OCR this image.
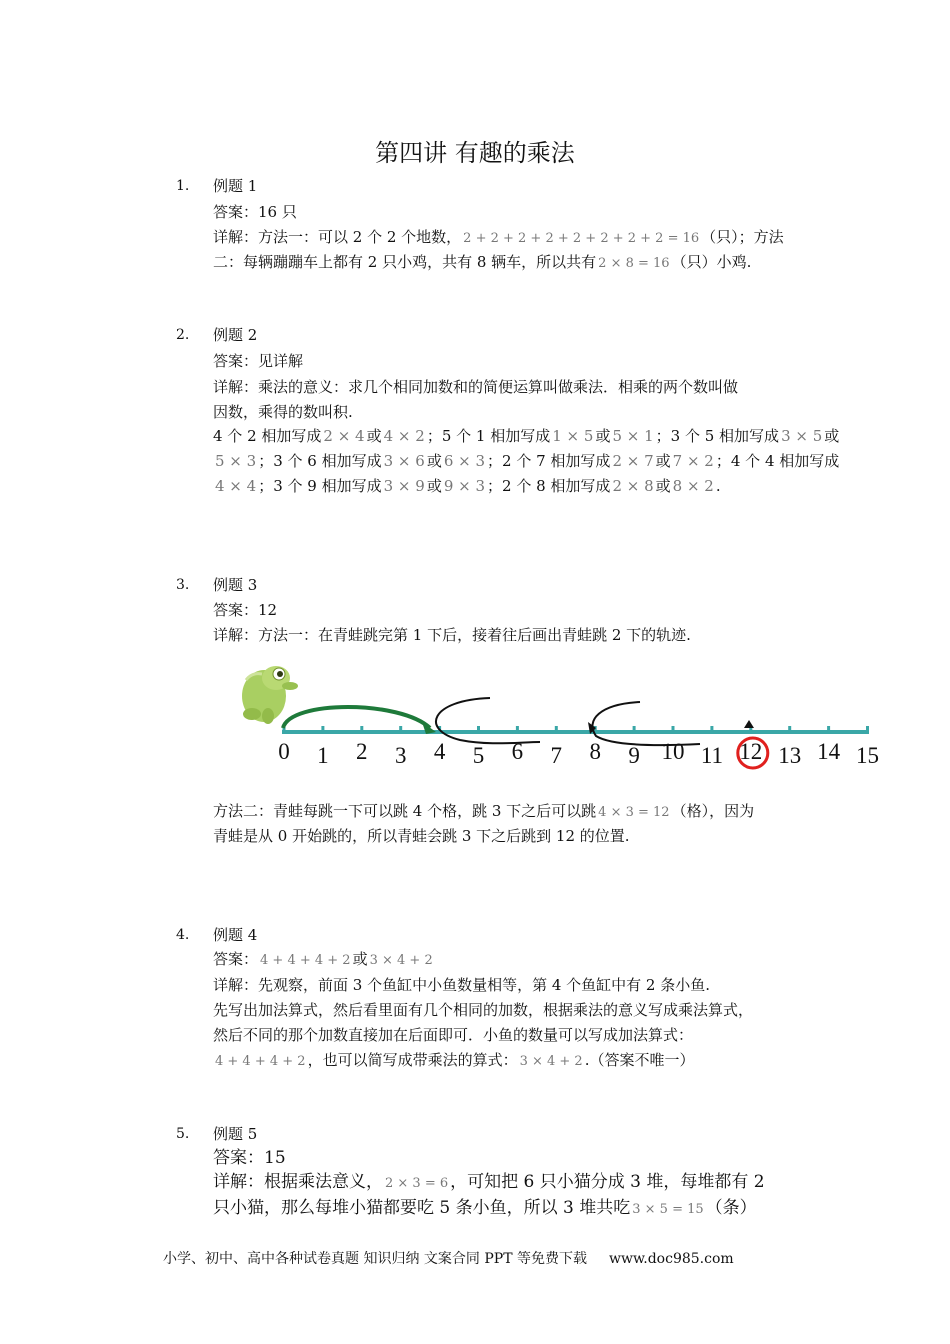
第四讲 有趣的乘法
1. 例题 1
答案：16 只
详解：方法一：可以 2 个 2 个地数， 2 + 2 + 2 + 2 + 2 + 2 + 2 + 2 = 16 （只）；方法
二：每辆蹦蹦车上都有 2 只小鸡，共有 8 辆车，所以共有 2 × 8 = 16 （只）小鸡.
2. 例题 2
答案：见详解
详解：乘法的意义：求几个相同加数和的简便运算叫做乘法．相乘的两个数叫做
因数，乘得的数叫积.
4 个 2 相加写成 2 × 4 或 4 × 2 ；5 个 1 相加写成 1 × 5 或 5 × 1 ；3 个 5 相加写成 3 × 5 或
5 × 3 ；3 个 6 相加写成 3 × 6 或 6 × 3 ；2 个 7 相加写成 2 × 7 或 7 × 2 ；4 个 4 相加写成
4 × 4 ；3 个 9 相加写成 3 × 9 或 9 × 3 ；2 个 8 相加写成 2 × 8 或 8 × 2 .
3. 例题 3
答案：12
详解：方法一：在青蛙跳完第 1 下后，接着往后画出青蛙跳 2 下的轨迹.
0 1 2 3 4 5 6 7 8 9 10 11 12 13 14 15
方法二：青蛙每跳一下可以跳 4 个格，跳 3 下之后可以跳 4 × 3 = 12 （格），因为
青蛙是从 0 开始跳的，所以青蛙会跳 3 下之后跳到 12 的位置.
4. 例题 4
答案： 4 + 4 + 4 + 2 或 3 × 4 + 2
详解：先观察，前面 3 个鱼缸中小鱼数量相等，第 4 个鱼缸中有 2 条小鱼.
先写出加法算式，然后看里面有几个相同的加数，根据乘法的意义写成乘法算式，
然后不同的那个加数直接加在后面即可．小鱼的数量可以写成加法算式：
4 + 4 + 4 + 2 ，也可以简写成带乘法的算式： 3 × 4 + 2 .（答案不唯一）
5. 例题 5
答案：15
详解：根据乘法意义， 2 × 3 = 6 ，可知把 6 只小猫分成 3 堆，每堆都有 2
只小猫，那么每堆小猫都要吃 5 条小鱼，所以 3 堆共吃 3 × 5 = 15 （条）
小学、初中、高中各种试卷真题 知识归纳 文案合同 PPT 等免费下载 www.doc985.com
